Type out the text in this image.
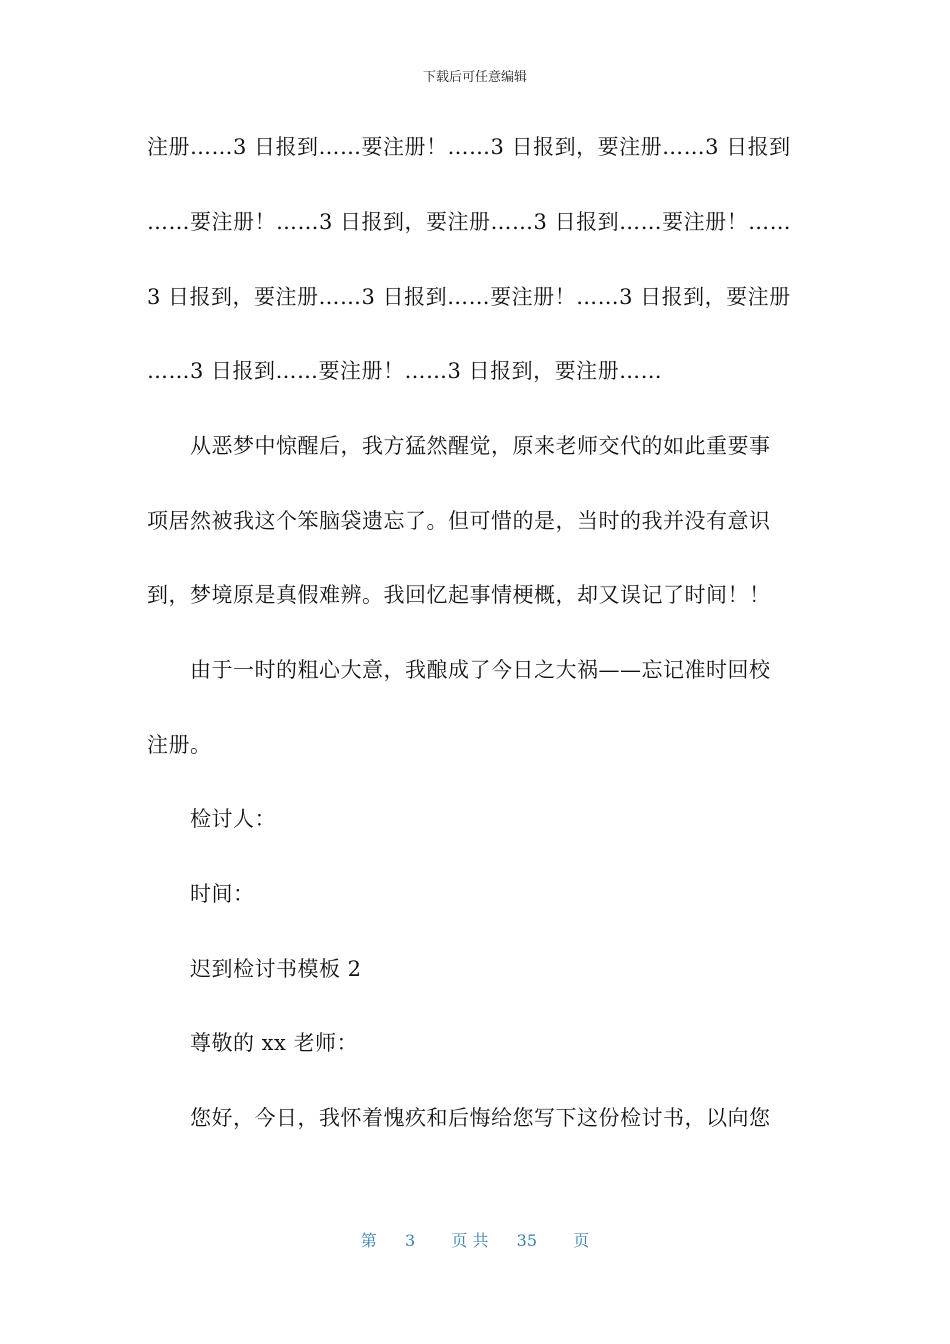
下载后可任意编辑
注册……3 日报到……要注册！……3 日报到，要注册……3 日报到
……要注册！……3 日报到，要注册……3 日报到……要注册！……
3 日报到，要注册……3 日报到……要注册！……3 日报到，要注册
……3 日报到……要注册！……3 日报到，要注册……
从恶梦中惊醒后，我方猛然醒觉，原来老师交代的如此重要事
项居然被我这个笨脑袋遗忘了。但可惜的是，当时的我并没有意识
到，梦境原是真假难辨。我回忆起事情梗概，却又误记了时间！！
由于一时的粗心大意，我酿成了今日之大祸——忘记准时回校
注册。
检讨人：
时间：
迟到检讨书模板 2
尊敬的 xx 老师：
您好，今日，我怀着愧疚和后悔给您写下这份检讨书，以向您
第 3 页 共 35 页
